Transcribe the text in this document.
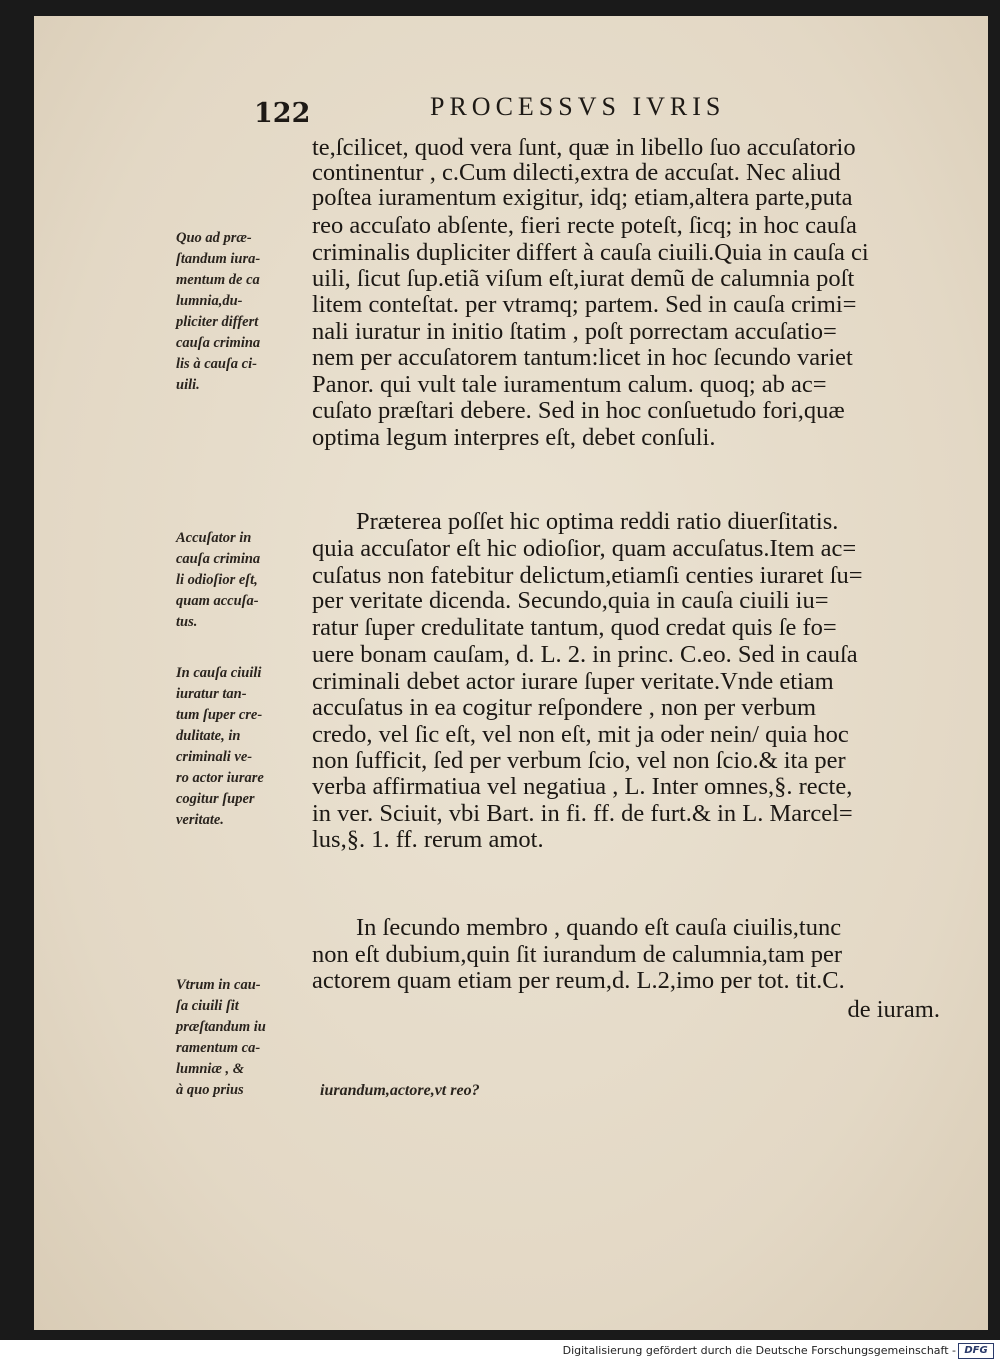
122	PROCESSVS IVRIS
te,ſcilicet, quod vera ſunt, quæ in libello ſuo accuſatorio
continentur , c.Cum dilecti,extra de accuſat. Nec aliud
poſtea iuramentum exigitur, idq; etiam,altera parte,puta
reo accuſato abſente, fieri recte poteſt, ſicq; in hoc cauſa
criminalis dupliciter differt à cauſa ciuili.Quia in cauſa ci
uili, ſicut ſup.etiã viſum eſt,iurat demũ de calumnia poſt
litem conteſtat. per vtramq; partem. Sed in cauſa crimi=
nali iuratur in initio ſtatim , poſt porrectam accuſatio=
nem per accuſatorem tantum:licet in hoc ſecundo variet
Panor. qui vult tale iuramentum calum. quoq; ab ac=
cuſato præſtari debere. Sed in hoc conſuetudo fori,quæ
optima legum interpres eſt, debet conſuli.
Præterea poſſet hic optima reddi ratio diuerſitatis.
quia accuſator eſt hic odioſior, quam accuſatus.Item ac=
cuſatus non fatebitur delictum,etiamſi centies iuraret ſu=
per veritate dicenda. Secundo,quia in cauſa ciuili iu=
ratur ſuper credulitate tantum, quod credat quis ſe fo=
uere bonam cauſam, d. L. 2. in princ. C.eo. Sed in cauſa
criminali debet actor iurare ſuper veritate.Vnde etiam
accuſatus in ea cogitur reſpondere , non per verbum
credo, vel ſic eſt, vel non eſt, mit ja oder nein/ quia hoc
non ſufficit, ſed per verbum ſcio, vel non ſcio.& ita per
verba affirmatiua vel negatiua , L. Inter omnes,§. recte,
in ver. Sciuit, vbi Bart. in fi. ff. de furt.& in L. Marcel=
lus,§. 1. ff. rerum amot.
In ſecundo membro , quando eſt cauſa ciuilis,tunc
non eſt dubium,quin ſit iurandum de calumnia,tam per
actorem quam etiam per reum,d. L.2,imo per tot. tit.C.
de iuram.
Quo ad præ-
ſtandum iura-
mentum de ca
lumnia,du-
pliciter differt
cauſa crimina
lis à cauſa ci-
uili.
Accuſator in
cauſa crimina
li odioſior eſt,
quam accuſa-
tus.
In cauſa ciuili
iuratur tan-
tum ſuper cre-
dulitate, in
criminali ve-
ro actor iurare
cogitur ſuper
veritate.
Vtrum in cau-
ſa ciuili ſit
præſtandum iu
ramentum ca-
lumniæ , &
à quo prius	iurandum,actore,vt reo?
Digitalisierung gefördert durch die Deutsche Forschungsgemeinschaft - DFG
